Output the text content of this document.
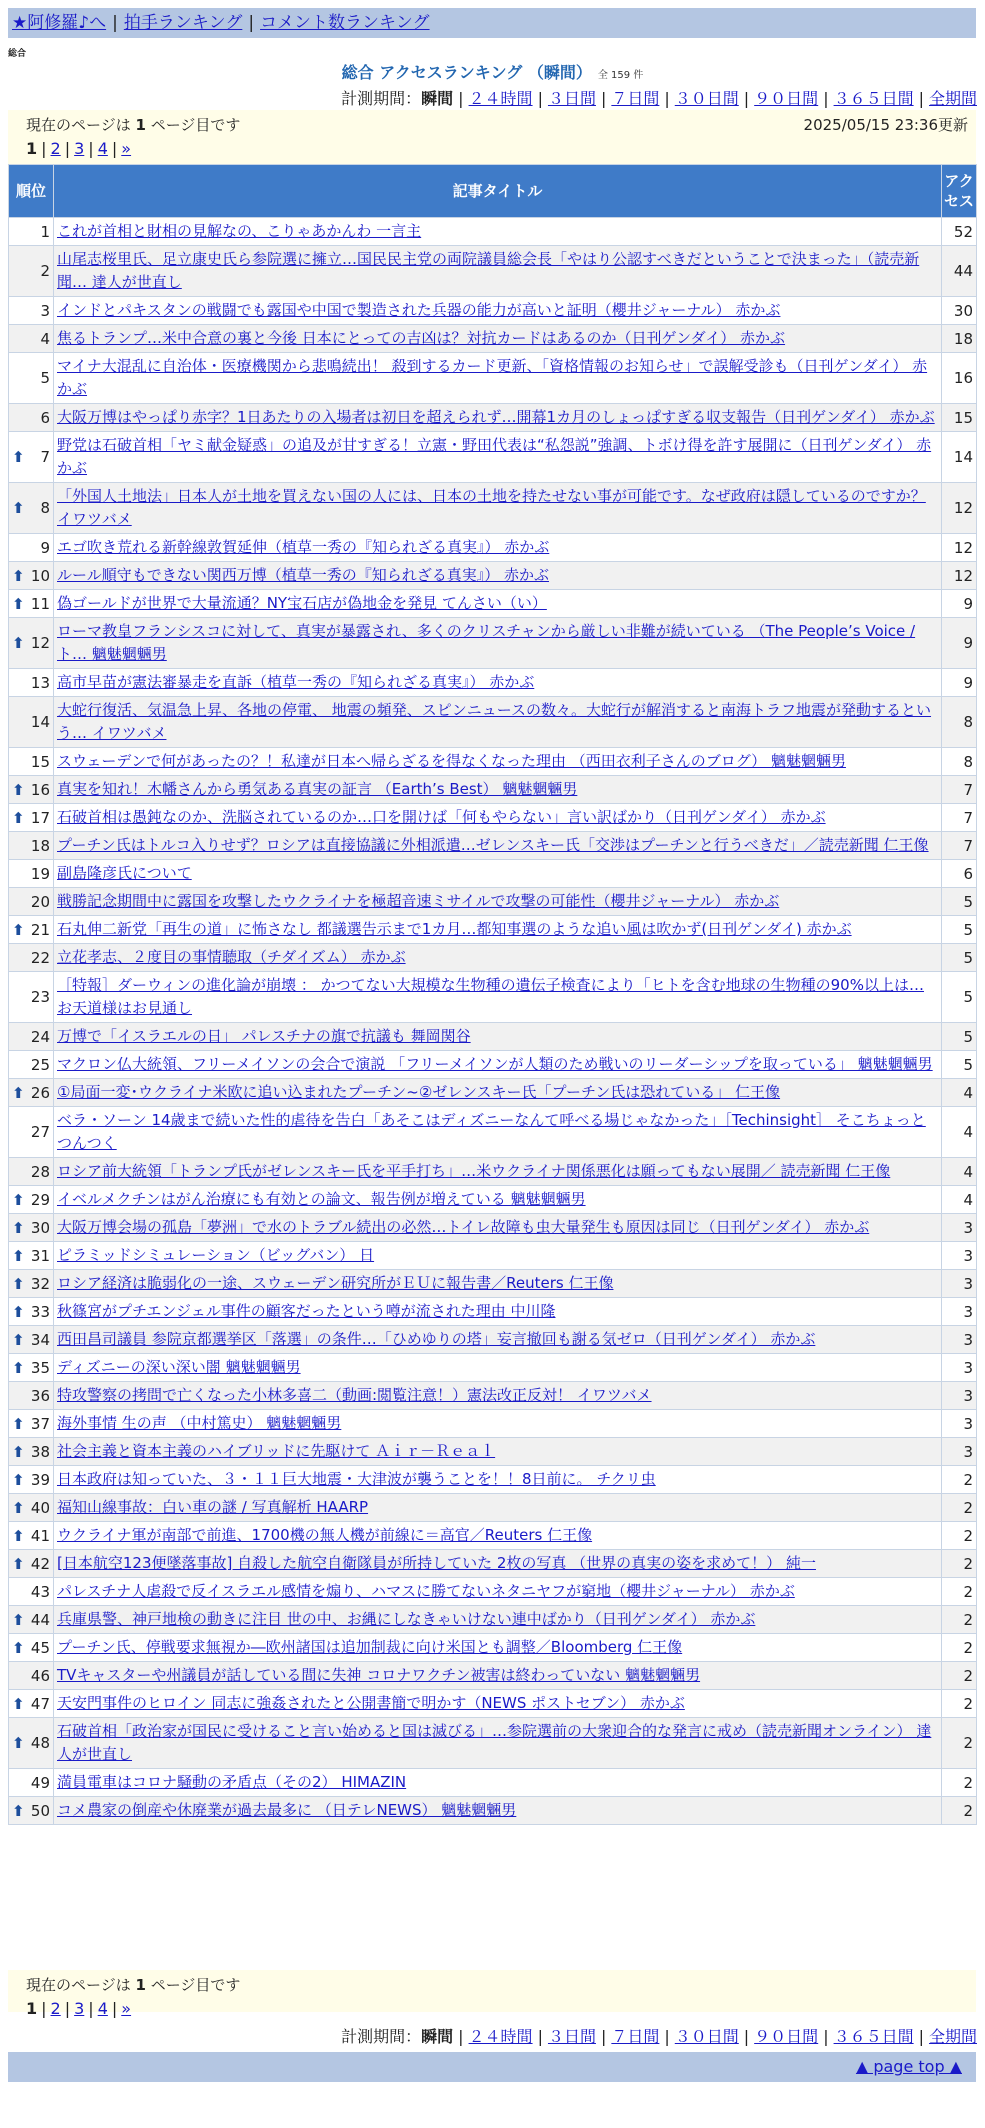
★阿修羅♪へ | 拍手ランキング | コメント数ランキング
総合
総合 アクセスランキング （瞬間） 全 159 件
計測期間：瞬間 | ２４時間 | ３日間 | ７日間 | ３０日間 | ９０日間 | ３６５日間 | 全期間
現在のページは 1 ページ目です	2025/05/15 23:36更新
1 | 2 | 3 | 4 | »
順位	記事タイトル	アクセス
1	これが首相と財相の見解なの、こりゃあかんわ 一言主	52
2	山尾志桜里氏、足立康史氏ら参院選に擁立…国民民主党の両院議員総会長「やはり公認すべきだということで決まった」（読売新聞… 達人が世直し	44
3	インドとパキスタンの戦闘でも露国や中国で製造された兵器の能力が高いと証明（櫻井ジャーナル） 赤かぶ	30
4	焦るトランプ…米中合意の裏と今後 日本にとっての吉凶は？対抗カードはあるのか（日刊ゲンダイ） 赤かぶ	18
5	マイナ大混乱に自治体・医療機関から悲鳴続出！ 殺到するカード更新、「資格情報のお知らせ」で誤解受診も（日刊ゲンダイ） 赤かぶ	16
6	大阪万博はやっぱり赤字？1日あたりの入場者は初日を超えられず…開幕1カ月のしょっぱすぎる収支報告（日刊ゲンダイ） 赤かぶ	15

⬆ 7	野党は石破首相「ヤミ献金疑惑」の追及が甘すぎる！立憲・野田代表は“私怨説”強調、トボけ得を許す展開に（日刊ゲンダイ） 赤かぶ	14

⬆ 8	「外国人土地法」日本人が土地を買えない国の人には、日本の土地を持たせない事が可能です。なぜ政府は隠しているのですか？ イワツバメ	12
9	エゴ吹き荒れる新幹線敦賀延伸（植草一秀の『知られざる真実』） 赤かぶ	12

⬆ 10	ルール順守もできない関西万博（植草一秀の『知られざる真実』） 赤かぶ	12

⬆ 11	偽ゴールドが世界で大量流通？NY宝石店が偽地金を発見 てんさい（い）	9

⬆ 12	ローマ教皇フランシスコに対して、真実が暴露され、多くのクリスチャンから厳しい非難が続いている （The People’s Voice / ト… 魑魅魍魎男	9
13	高市早苗が憲法審暴走を直訴（植草一秀の『知られざる真実』） 赤かぶ	9
14	大蛇行復活、気温急上昇、各地の停電、 地震の頻発、スピンニュースの数々。大蛇行が解消すると南海トラフ地震が発動するという… イワツバメ	8
15	スウェーデンで何があったの？！私達が日本へ帰らざるを得なくなった理由 （西田衣利子さんのブログ） 魑魅魍魎男	8

⬆ 16	真実を知れ！木幡さんから勇気ある真実の証言 （Earth’s Best） 魑魅魍魎男	7

⬆ 17	石破首相は愚鈍なのか、洗脳されているのか…口を開けば「何もやらない」言い訳ばかり（日刊ゲンダイ） 赤かぶ	7
18	プーチン氏はトルコ入りせず？ロシアは直接協議に外相派遣…ゼレンスキー氏「交渉はプーチンと行うべきだ」／読売新聞 仁王像	7
19	副島隆彦氏について	6
20	戦勝記念期間中に露国を攻撃したウクライナを極超音速ミサイルで攻撃の可能性（櫻井ジャーナル） 赤かぶ	5

⬆ 21	石丸伸二新党「再生の道」に怖さなし 都議選告示まで1カ月…都知事選のような追い風は吹かず(日刊ゲンダイ) 赤かぶ	5
22	立花孝志、２度目の事情聴取（チダイズム） 赤かぶ	5
23	［特報］ダーウィンの進化論が崩壊 ： かつてない大規模な生物種の遺伝子検査により「ヒトを含む地球の生物種の90%以上は… お天道様はお見通し	5
24	万博で「イスラエルの日」 パレスチナの旗で抗議も 舞岡関谷	5
25	マクロン仏大統領、フリーメイソンの会合で演説 「フリーメイソンが人類のため戦いのリーダーシップを取っている」 魑魅魍魎男	5

⬆ 26	①局面一変･ウクライナ米欧に追い込まれたプーチン~②ゼレンスキー氏「プーチン氏は恐れている」 仁王像	4
27	ベラ・ソーン 14歳まで続いた性的虐待を告白「あそこはディズニーなんて呼べる場じゃなかった」［Techinsight］ そこちょっとつんつく	4
28	ロシア前大統領「トランプ氏がゼレンスキー氏を平手打ち」…米ウクライナ関係悪化は願ってもない展開／ 読売新聞 仁王像	4

⬆ 29	イベルメクチンはがん治療にも有効との論文、報告例が増えている 魑魅魍魎男	4

⬆ 30	大阪万博会場の孤島「夢洲」で水のトラブル続出の必然…トイレ故障も虫大量発生も原因は同じ（日刊ゲンダイ） 赤かぶ	3

⬆ 31	ピラミッドシミュレーション（ビッグバン） 日	3

⬆ 32	ロシア経済は脆弱化の一途、スウェーデン研究所がＥＵに報告書／Reuters 仁王像	3

⬆ 33	秋篠宮がプチエンジェル事件の顧客だったという噂が流された理由 中川隆	3

⬆ 34	西田昌司議員 参院京都選挙区「落選」の条件…「ひめゆりの塔」妄言撤回も謝る気ゼロ（日刊ゲンダイ） 赤かぶ	3

⬆ 35	ディズニーの深い深い闇 魑魅魍魎男	3
36	特攻警察の拷問で亡くなった小林多喜二（動画:閲覧注意！）憲法改正反対！ イワツバメ	3

⬆ 37	海外事情 生の声 （中村篤史） 魑魅魍魎男	3

⬆ 38	社会主義と資本主義のハイブリッドに先駆けて Ａｉｒ－Ｒｅａｌ	3

⬆ 39	日本政府は知っていた、３・１１巨大地震・大津波が襲うことを！！8日前に。 チクリ虫	2

⬆ 40	福知山線事故：白い車の謎 / 写真解析 HAARP	2

⬆ 41	ウクライナ軍が南部で前進、1700機の無人機が前線に＝高官／Reuters 仁王像	2

⬆ 42	[日本航空123便墜落事故] 自殺した航空自衛隊員が所持していた 2枚の写真 （世界の真実の姿を求めて！） 純一	2
43	パレスチナ人虐殺で反イスラエル感情を煽り、ハマスに勝てないネタニヤフが窮地（櫻井ジャーナル） 赤かぶ	2

⬆ 44	兵庫県警、神戸地検の動きに注目 世の中、お縄にしなきゃいけない連中ばかり（日刊ゲンダイ） 赤かぶ	2

⬆ 45	プーチン氏、停戦要求無視か―欧州諸国は追加制裁に向け米国とも調整／Bloomberg 仁王像	2
46	TVキャスターや州議員が話している間に失神 コロナワクチン被害は終わっていない 魑魅魍魎男	2

⬆ 47	天安門事件のヒロイン 同志に強姦されたと公開書簡で明かす（NEWS ポストセブン） 赤かぶ	2

⬆ 48	石破首相「政治家が国民に受けること言い始めると国は滅びる」…参院選前の大衆迎合的な発言に戒め（読売新聞オンライン） 達人が世直し	2
49	満員電車はコロナ騒動の矛盾点（その2） HIMAZIN	2

⬆ 50	コメ農家の倒産や休廃業が過去最多に （日テレNEWS） 魑魅魍魎男	2
現在のページは 1 ページ目です
1 | 2 | 3 | 4 | »
計測期間：瞬間 | ２４時間 | ３日間 | ７日間 | ３０日間 | ９０日間 | ３６５日間 | 全期間
▲ page top ▲
